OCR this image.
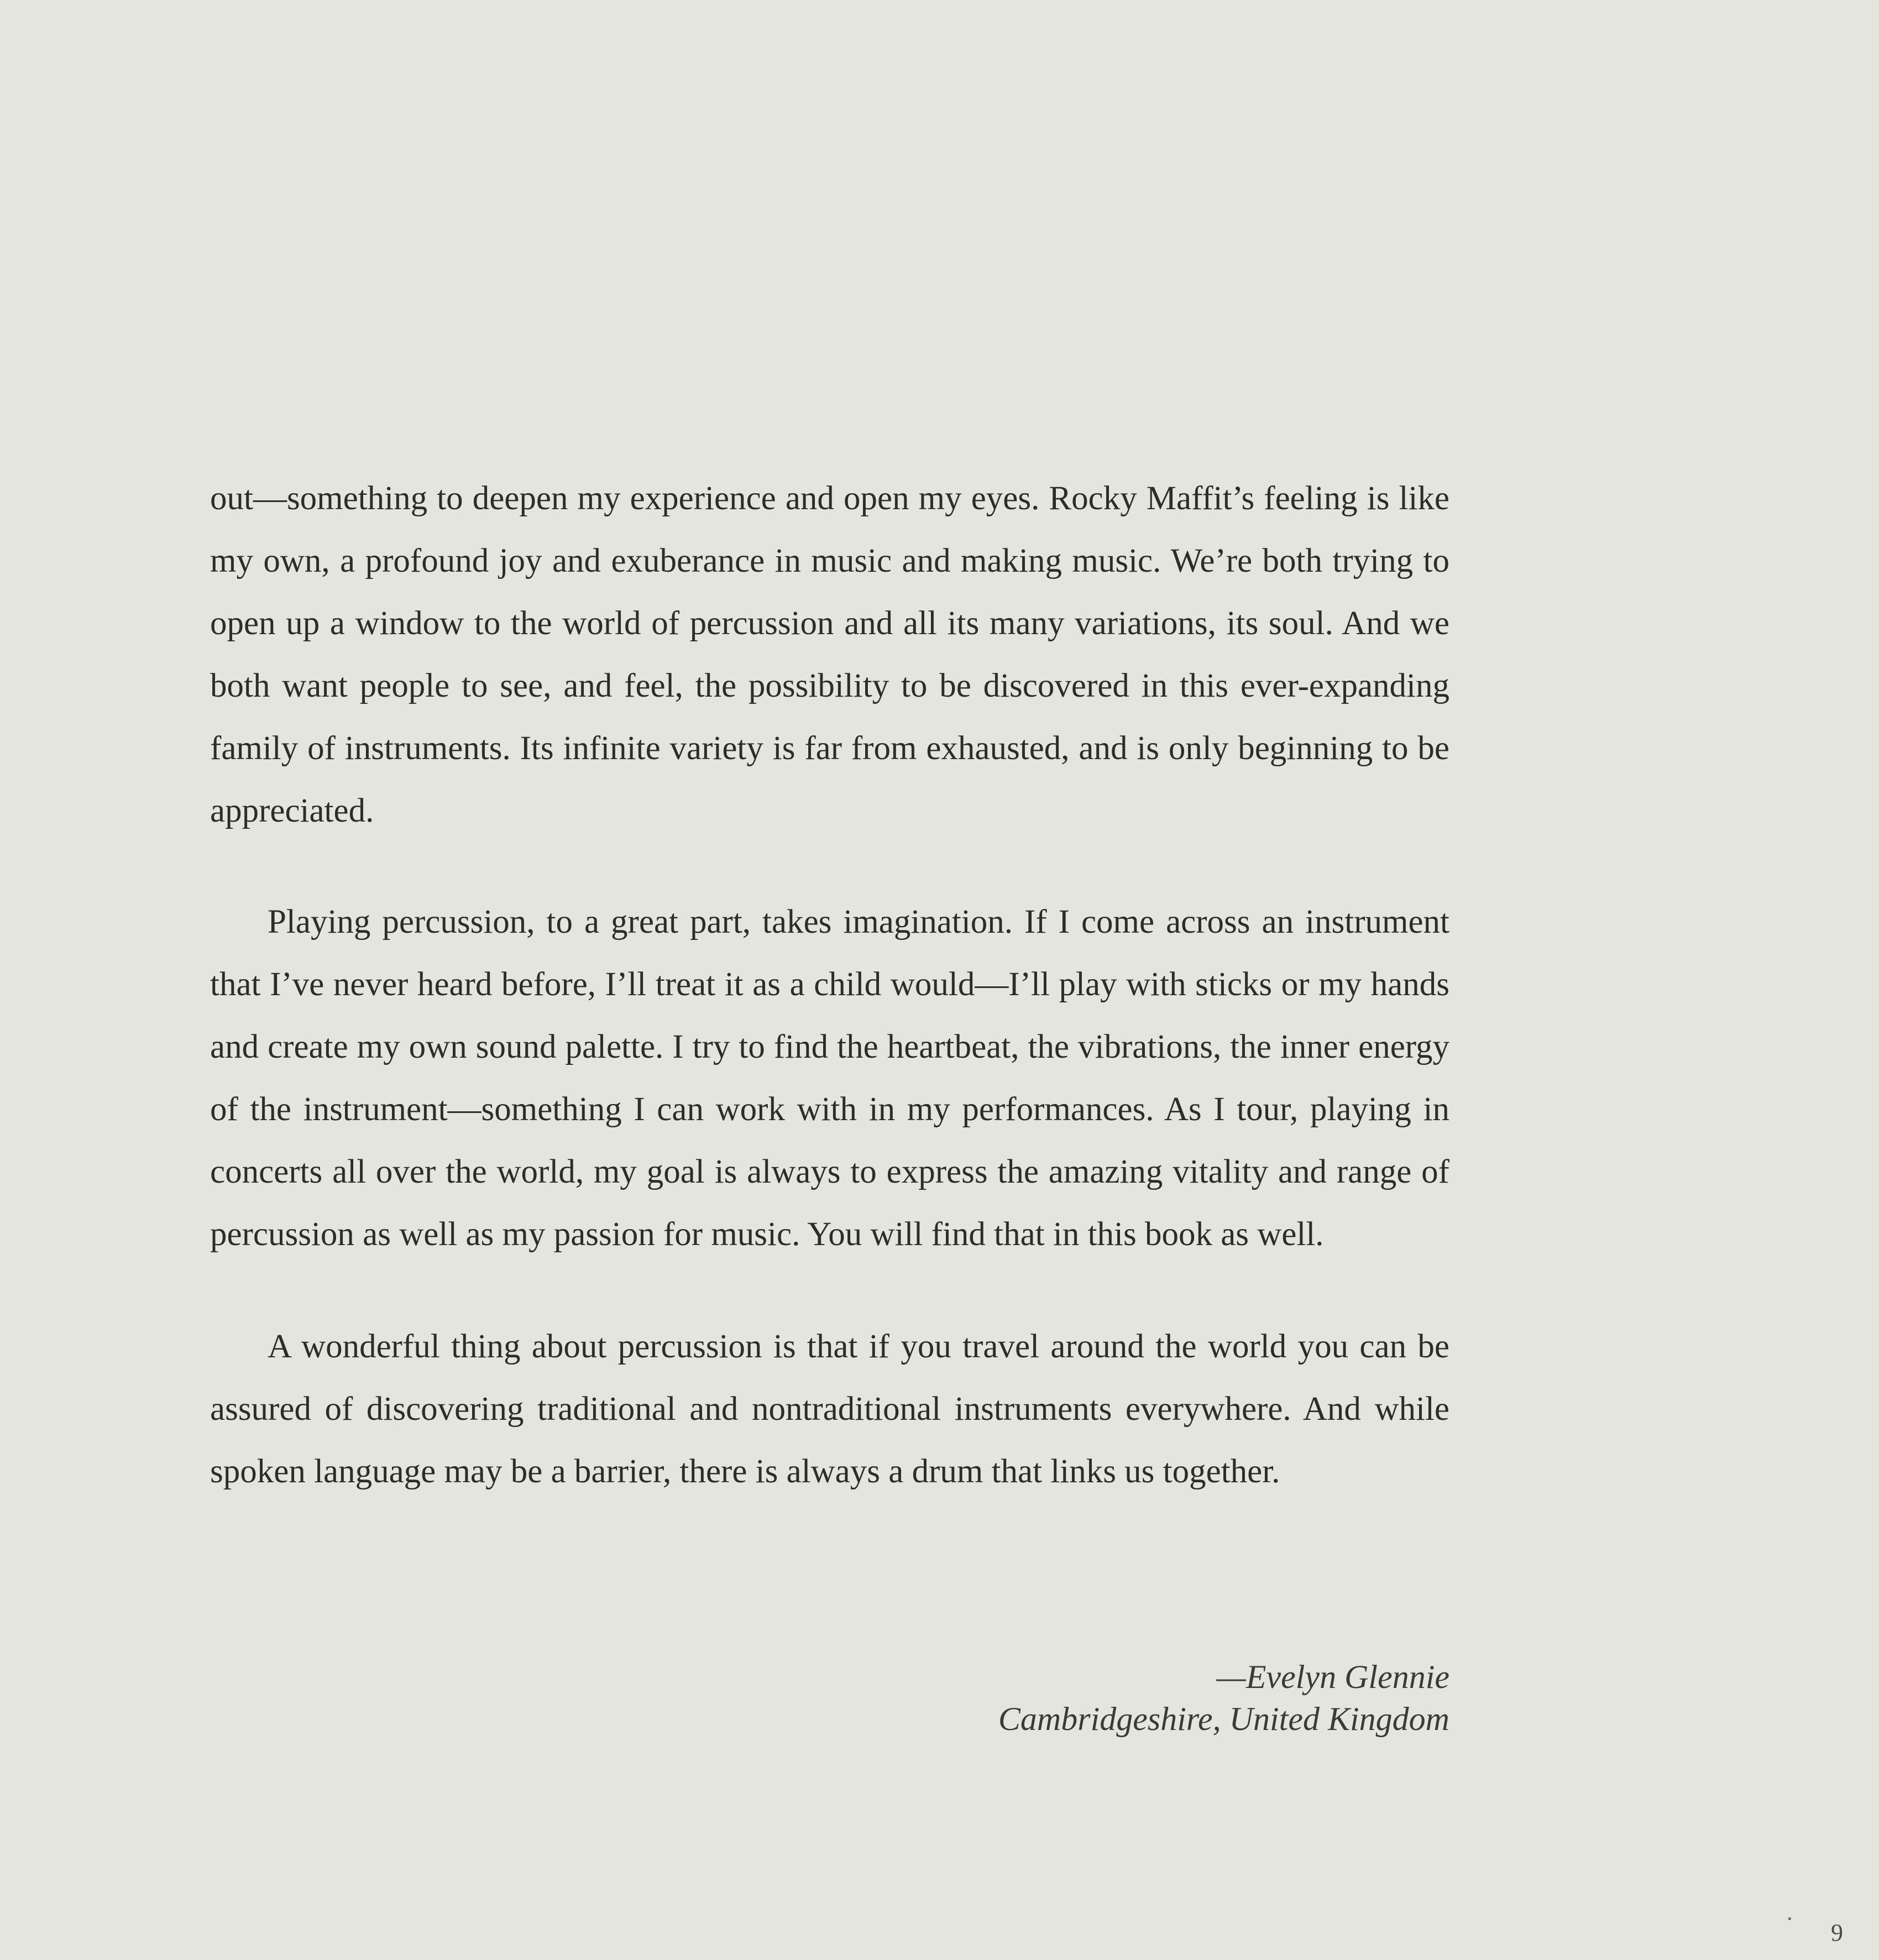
out—something to deepen my experience and open my eyes. Rocky Maffit’s feeling is like my own, a profound joy and exuberance in music and making music. We’re both trying to open up a window to the world of percussion and all its many variations, its soul. And we both want people to see, and feel, the possibility to be discovered in this ever-expanding family of instruments. Its infinite variety is far from exhausted, and is only beginning to be appreciated.

Playing percussion, to a great part, takes imagination. If I come across an instrument that I’ve never heard before, I’ll treat it as a child would—I’ll play with sticks or my hands and create my own sound palette. I try to find the heartbeat, the vibrations, the inner energy of the instrument—something I can work with in my performances. As I tour, playing in concerts all over the world, my goal is always to express the amazing vitality and range of percussion as well as my passion for music. You will find that in this book as well.

A wonderful thing about percussion is that if you travel around the world you can be assured of discovering traditional and nontraditional instruments everywhere. And while spoken language may be a barrier, there is always a drum that links us together.

—Evelyn Glennie
Cambridgeshire, United Kingdom
·
9
